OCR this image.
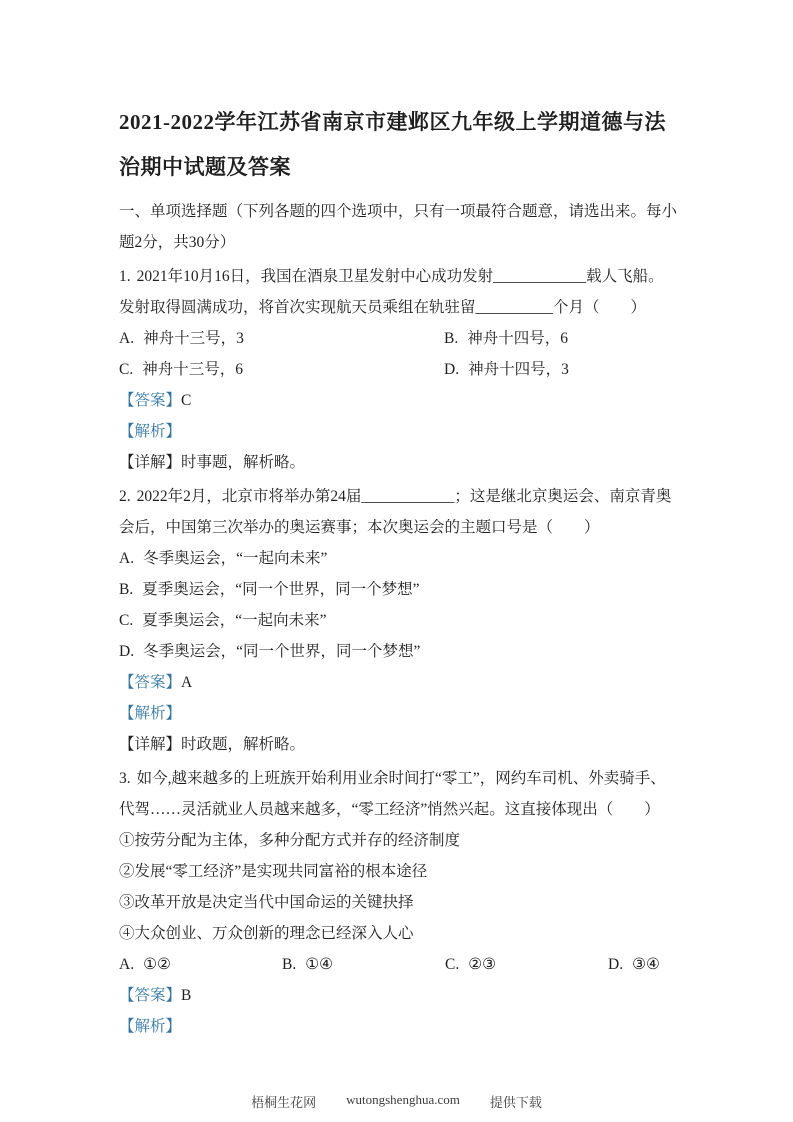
2021-2022学年江苏省南京市建邺区九年级上学期道德与法治期中试题及答案

一、单项选择题（下列各题的四个选项中，只有一项最符合题意，请选出来。每小题2分，共30分）

1. 2021年10月16日，我国在酒泉卫星发射中心成功发射____________载人飞船。发射取得圆满成功，将首次实现航天员乘组在轨驻留__________个月（　　）

A. 神舟十三号，3	B. 神舟十四号，6
C. 神舟十三号，6	D. 神舟十四号，3

【答案】C

【解析】

【详解】时事题，解析略。

2. 2022年2月，北京市将举办第24届____________；这是继北京奥运会、南京青奥会后，中国第三次举办的奥运赛事；本次奥运会的主题口号是（　　）

A. 冬季奥运会，“一起向未来”
B. 夏季奥运会，“同一个世界，同一个梦想”
C. 夏季奥运会，“一起向未来”
D. 冬季奥运会，“同一个世界，同一个梦想”

【答案】A

【解析】

【详解】时政题，解析略。

3. 如今,越来越多的上班族开始利用业余时间打“零工”，网约车司机、外卖骑手、代驾……灵活就业人员越来越多，“零工经济”悄然兴起。这直接体现出（　　）

①按劳分配为主体，多种分配方式并存的经济制度

②发展“零工经济”是实现共同富裕的根本途径

③改革开放是决定当代中国命运的关键抉择

④大众创业、万众创新的理念已经深入人心

A. ①②	B. ①④	C. ②③	D. ③④

【答案】B

【解析】

梧桐生花网 wutongshenghua.com 提供下载
